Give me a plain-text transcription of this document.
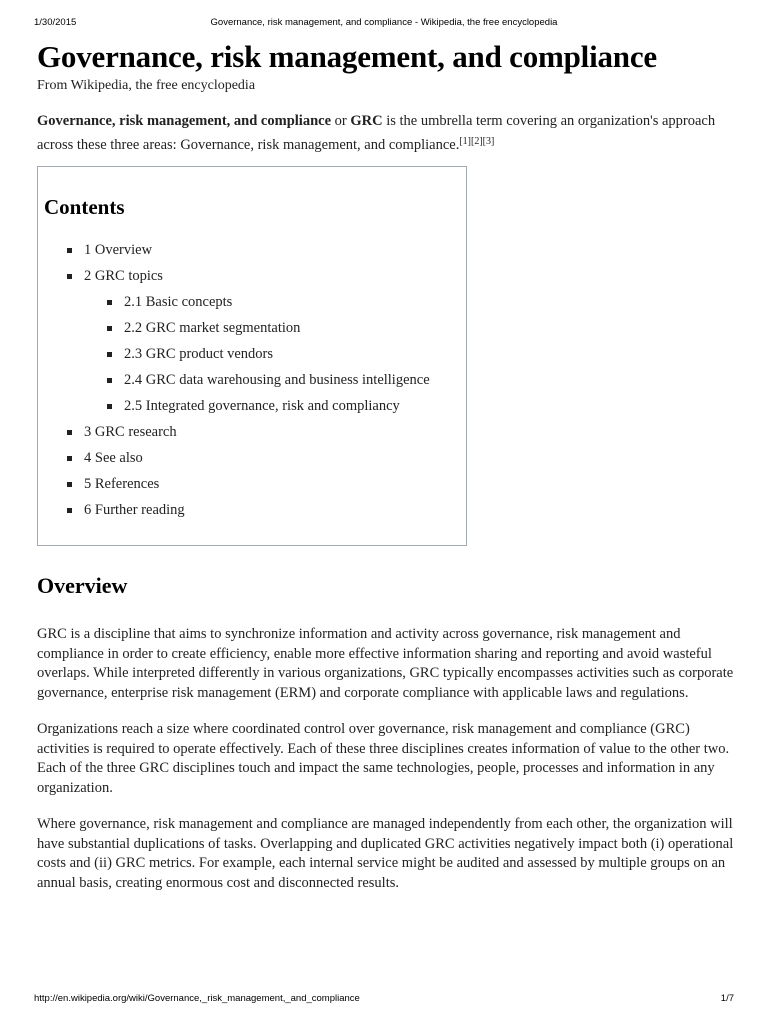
1/30/2015	Governance, risk management, and compliance - Wikipedia, the free encyclopedia
Governance, risk management, and compliance

From Wikipedia, the free encyclopedia

Governance, risk management, and compliance or GRC is the umbrella term covering an organization's approach across these three areas: Governance, risk management, and compliance.[1][2][3]

Contents
1 Overview
2 GRC topics
2.1 Basic concepts
2.2 GRC market segmentation
2.3 GRC product vendors
2.4 GRC data warehousing and business intelligence
2.5 Integrated governance, risk and compliancy
3 GRC research
4 See also
5 References
6 Further reading
Overview

GRC is a discipline that aims to synchronize information and activity across governance, risk management and compliance in order to create efficiency, enable more effective information sharing and reporting and avoid wasteful overlaps. While interpreted differently in various organizations, GRC typically encompasses activities such as corporate governance, enterprise risk management (ERM) and corporate compliance with applicable laws and regulations.

Organizations reach a size where coordinated control over governance, risk management and compliance (GRC) activities is required to operate effectively. Each of these three disciplines creates information of value to the other two. Each of the three GRC disciplines touch and impact the same technologies, people, processes and information in any organization.

Where governance, risk management and compliance are managed independently from each other, the organization will have substantial duplications of tasks. Overlapping and duplicated GRC activities negatively impact both (i) operational costs and (ii) GRC metrics. For example, each internal service might be audited and assessed by multiple groups on an annual basis, creating enormous cost and disconnected results.

http://en.wikipedia.org/wiki/Governance,_risk_management,_and_compliance	1/7
